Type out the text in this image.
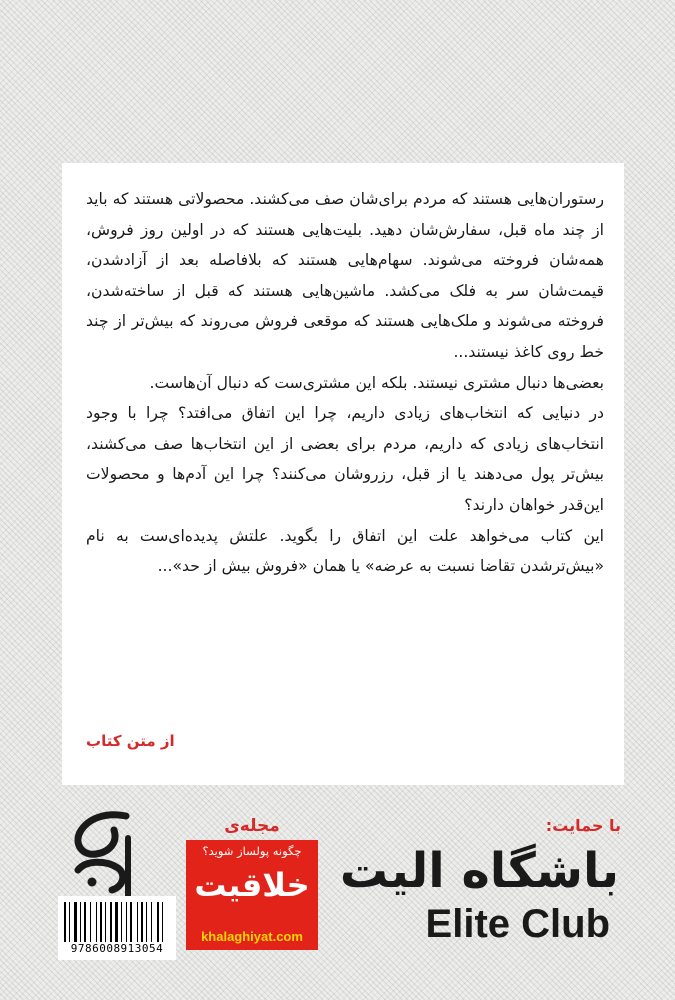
رستوران‌هایی هستند که مردم برای‌شان صف می‌کشند. محصولاتی هستند که باید از چند ماه قبل، سفارش‌شان دهید. بلیت‌هایی هستند که در اولین روز فروش، همه‌شان فروخته می‌شوند. سهام‌هایی هستند که بلافاصله بعد از آزادشدن، قیمت‌شان سر به فلک می‌کشد. ماشین‌هایی هستند که قبل از ساخته‌شدن، فروخته می‌شوند و ملک‌هایی هستند که موقعی فروش می‌روند که بیش‌تر از چند خط روی کاغذ نیستند...

بعضی‌ها دنبال مشتری نیستند. بلکه این مشتری‌ست که دنبال آن‌هاست.

در دنیایی که انتخاب‌های زیادی داریم، چرا این اتفاق می‌افتد؟ چرا با وجود انتخاب‌های زیادی که داریم، مردم برای بعضی از این انتخاب‌ها صف می‌کشند، بیش‌تر پول می‌دهند یا از قبل، رزروشان می‌کنند؟ چرا این آدم‌ها و محصولات این‌قدر خواهان دارند؟

این کتاب می‌خواهد علت این اتفاق را بگوید. علتش پدیده‌ای‌ست به نام «بیش‌ترشدن تقاضا نسبت به عرضه» یا همان «فروش بیش از حد»...

از متن کتاب
با حمایت:
باشگاه الیت
Elite Club
مجله‌ی
چگونه پولساز شوید؟
خلاقیت
khalaghiyat.com
9786008913054
